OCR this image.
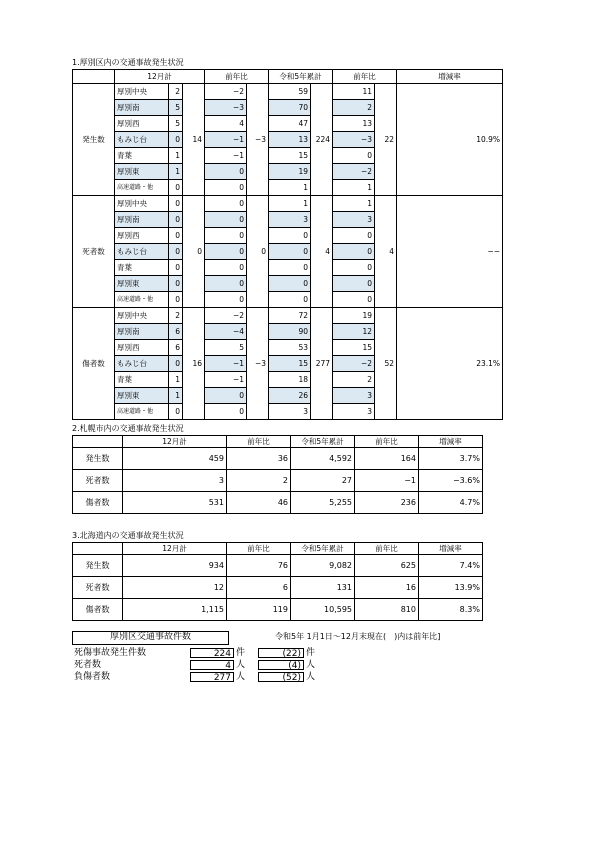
1.厚別区内の交通事故発生状況
	12月計			前年比		令和5年累計		前年比		増減率
発生数	厚別中央	2	14	−2	−3	59	224	11	22	10.9%
	厚別南	5		−3		70		2		
	厚別西	5		4		47		13		
	もみじ台	0		−1		13		−3		
	青葉	1		−1		15		0		
	厚別東	1		0		19		−2		
	高速道路・他	0		0		1		1		
死者数	厚別中央	0	0	0	0	1	4	1	4	−−
	厚別南	0		0		3		3		
	厚別西	0		0		0		0		
	もみじ台	0		0		0		0		
	青葉	0		0		0		0		
	厚別東	0		0		0		0		
	高速道路・他	0		0		0		0		
傷者数	厚別中央	2	16	−2	−3	72	277	19	52	23.1%
	厚別南	6		−4		90		12		
	厚別西	6		5		53		15		
	もみじ台	0		−1		15		−2		
	青葉	1		−1		18		2		
	厚別東	1		0		26		3		
	高速道路・他	0		0		3		3		
2.札幌市内の交通事故発生状況
	12月計	前年比	令和5年累計	前年比	増減率
発生数	459	36	4,592	164	3.7%
死者数	3	2	27	−1	−3.6%
傷者数	531	46	5,255	236	4.7%
3.北海道内の交通事故発生状況
	12月計	前年比	令和5年累計	前年比	増減率
発生数	934	76	9,082	625	7.4%
死者数	12	6	131	16	13.9%
傷者数	1,115	119	10,595	810	8.3%
厚別区交通事故件数	令和5年 1月1日～12月末現在(　)内は前年比]
死傷事故発生件数	224 件	(22) 件
死者数	4 人	(4) 人
負傷者数	277 人	(52) 人
